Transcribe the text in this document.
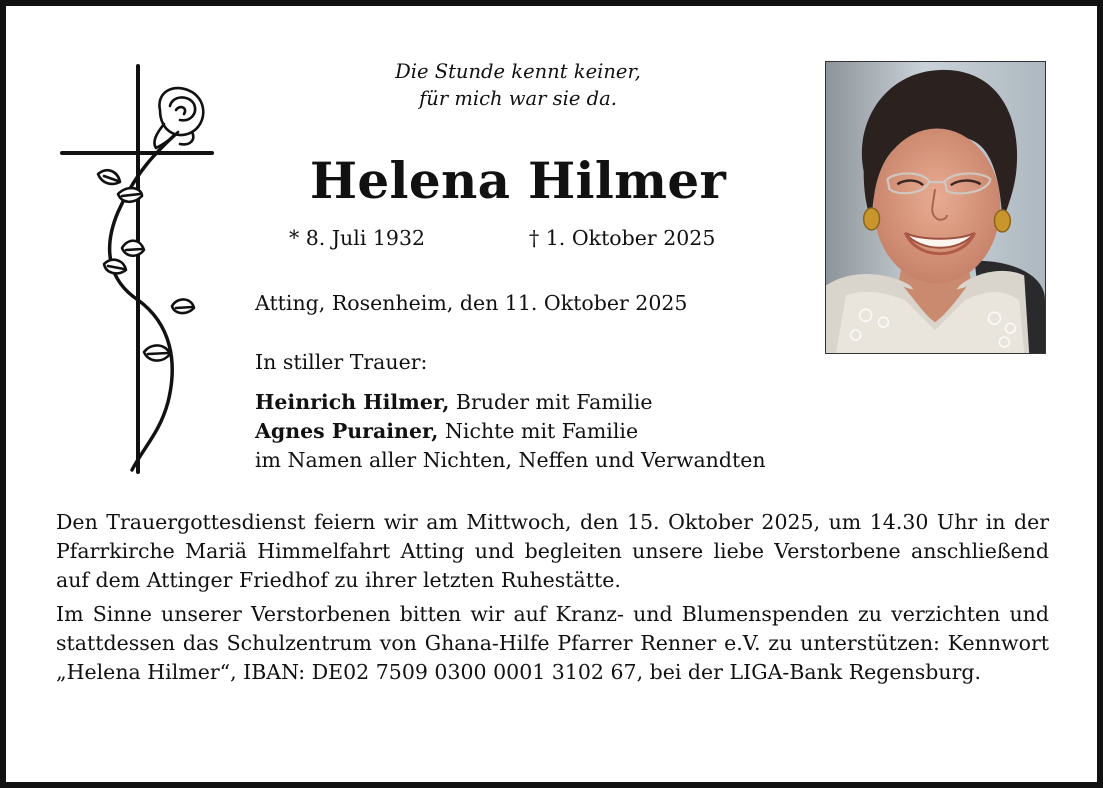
Die Stunde kennt keiner,
für mich war sie da.
Helena Hilmer
* 8. Juli 1932	† 1. Oktober 2025
Atting, Rosenheim, den 11. Oktober 2025
In stiller Trauer:
Heinrich Hilmer, Bruder mit Familie
Agnes Purainer, Nichte mit Familie
im Namen aller Nichten, Neffen und Verwandten

Den Trauergottesdienst feiern wir am Mittwoch, den 15. Oktober 2025, um 14.30 Uhr in der Pfarrkirche Mariä Himmelfahrt Atting und begleiten unsere liebe Verstorbene anschließend auf dem Attinger Friedhof zu ihrer letzten Ruhestätte.

Im Sinne unserer Verstorbenen bitten wir auf Kranz- und Blumenspenden zu verzichten und stattdessen das Schulzentrum von Ghana-Hilfe Pfarrer Renner e.V. zu unterstützen: Kennwort „Helena Hilmer“, IBAN: DE02 7509 0300 0001 3102 67, bei der LIGA-Bank Regensburg.
